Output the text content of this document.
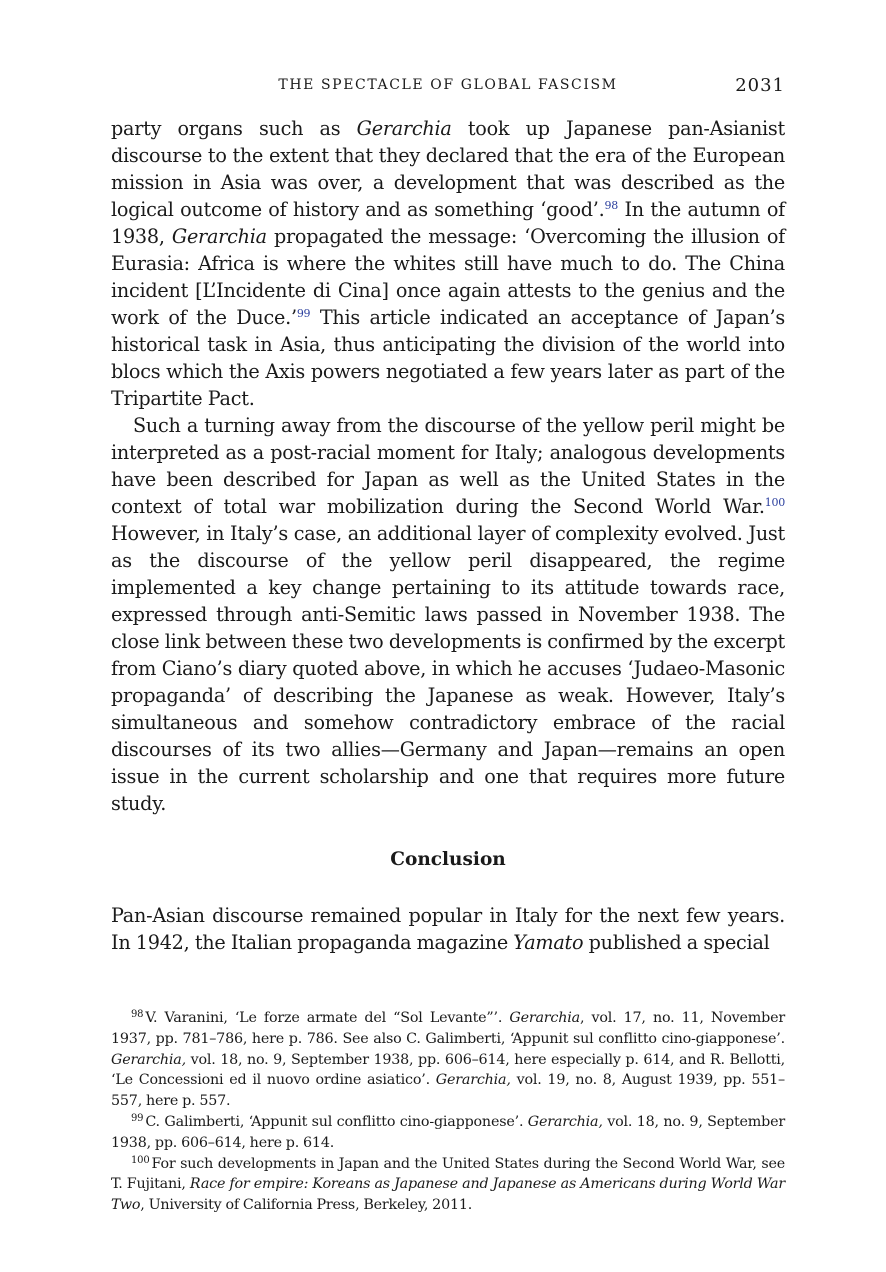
THE SPECTACLE OF GLOBAL FASCISM	2031

party organs such as Gerarchia took up Japanese pan-Asianist discourse to the extent that they declared that the era of the European mission in Asia was over, a development that was described as the logical outcome of history and as something ‘good’.$^{98}$ In the autumn of 1938, Gerarchia propagated the message: ‘Overcoming the illusion of Eurasia: Africa is where the whites still have much to do. The China incident [L’Incidente di Cina] once again attests to the genius and the work of the Duce.’$^{99}$ This article indicated an acceptance of Japan’s historical task in Asia, thus anticipating the division of the world into blocs which the Axis powers negotiated a few years later as part of the Tripartite Pact.

Such a turning away from the discourse of the yellow peril might be interpreted as a post-racial moment for Italy; analogous developments have been described for Japan as well as the United States in the context of total war mobilization during the Second World War.$^{100}$ However, in Italy’s case, an additional layer of complexity evolved. Just as the discourse of the yellow peril disappeared, the regime implemented a key change pertaining to its attitude towards race, expressed through anti-Semitic laws passed in November 1938. The close link between these two developments is confirmed by the excerpt from Ciano’s diary quoted above, in which he accuses ‘Judaeo-Masonic propaganda’ of describing the Japanese as weak. However, Italy’s simultaneous and somehow contradictory embrace of the racial discourses of its two allies—Germany and Japan—remains an open issue in the current scholarship and one that requires more future study.

Conclusion

Pan-Asian discourse remained popular in Italy for the next few years. In 1942, the Italian propaganda magazine Yamato published a special

$^{98}$ V. Varanini, ‘Le forze armate del “Sol Levante”’. Gerarchia, vol. 17, no. 11, November 1937, pp. 781–786, here p. 786. See also C. Galimberti, ‘Appunit sul conflitto cino-giapponese’. Gerarchia, vol. 18, no. 9, September 1938, pp. 606–614, here especially p. 614, and R. Bellotti, ‘Le Concessioni ed il nuovo ordine asiatico’. Gerarchia, vol. 19, no. 8, August 1939, pp. 551–557, here p. 557.

$^{99}$ C. Galimberti, ‘Appunit sul conflitto cino-giapponese’. Gerarchia, vol. 18, no. 9, September 1938, pp. 606–614, here p. 614.

$^{100}$ For such developments in Japan and the United States during the Second World War, see T. Fujitani, Race for empire: Koreans as Japanese and Japanese as Americans during World War Two, University of California Press, Berkeley, 2011.
